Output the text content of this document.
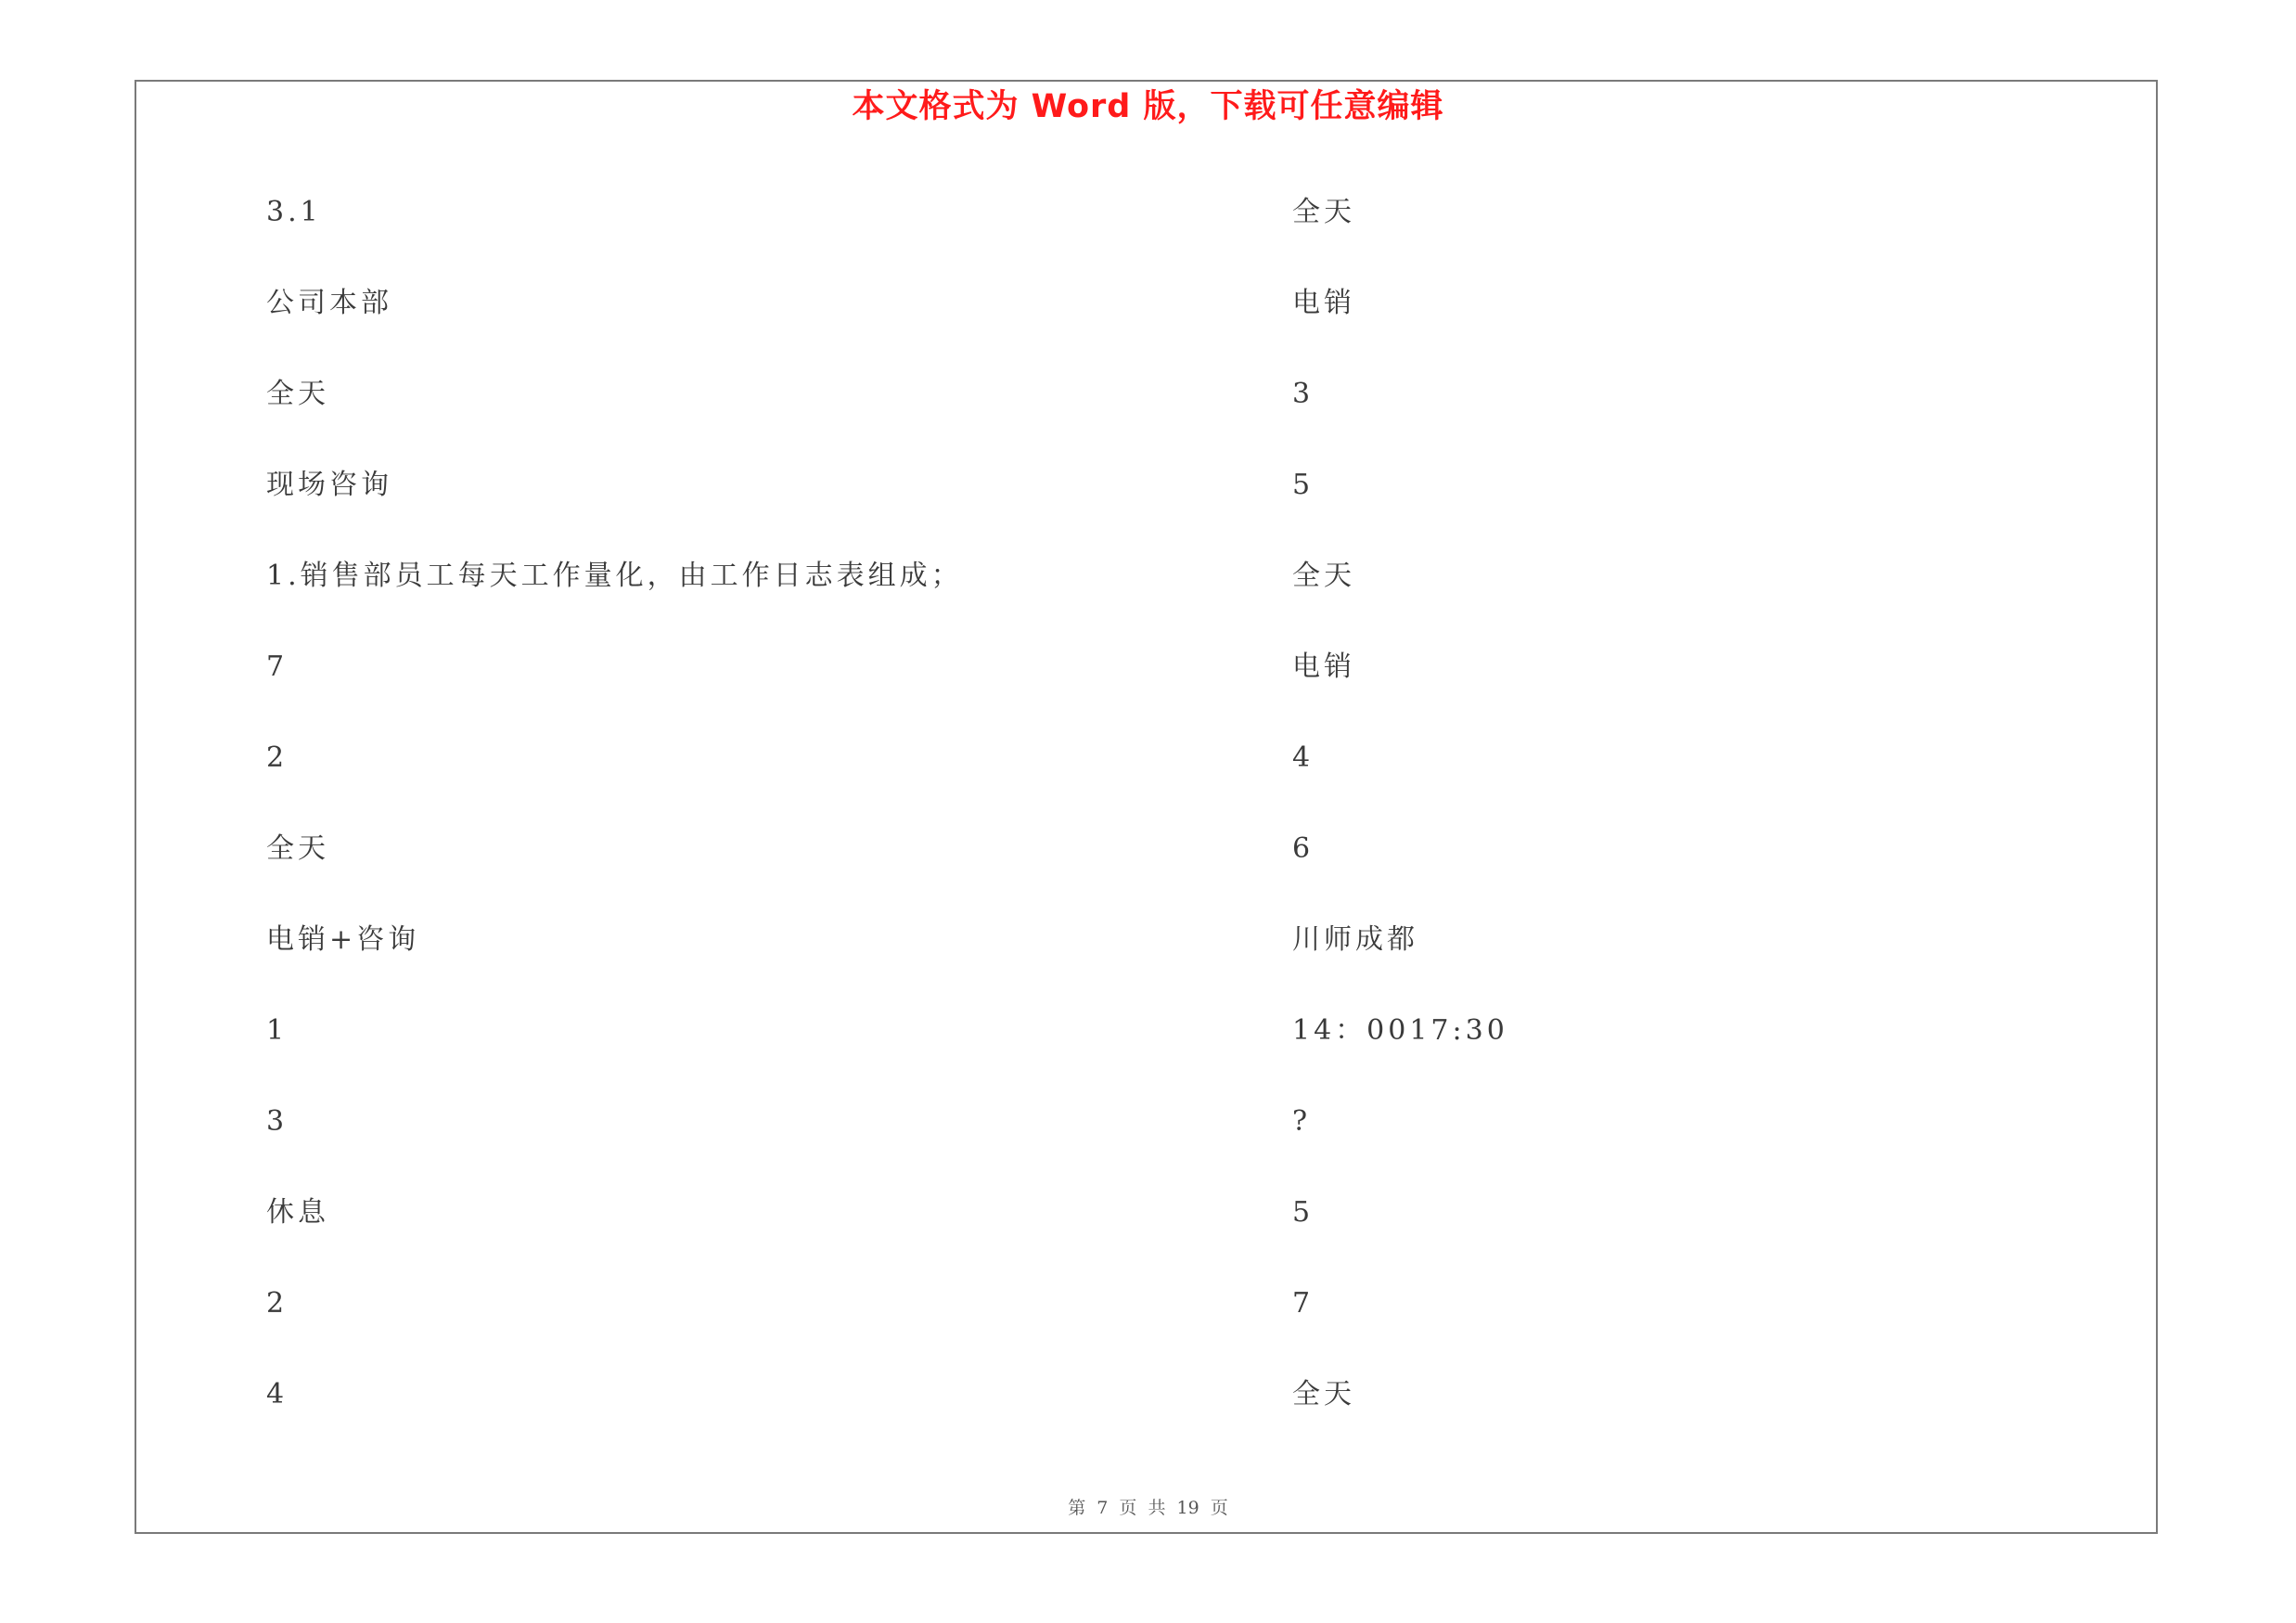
本文格式为 Word 版，下载可任意编辑
3.1
公司本部
全天
现场咨询
1.销售部员工每天工作量化，由工作日志表组成；
7
2
全天
电销+咨询
1
3
休息
2
4
全天
电销
3
5
全天
电销
4
6
川师成都
14：0017:30
?
5
7
全天
第 7 页 共 19 页
